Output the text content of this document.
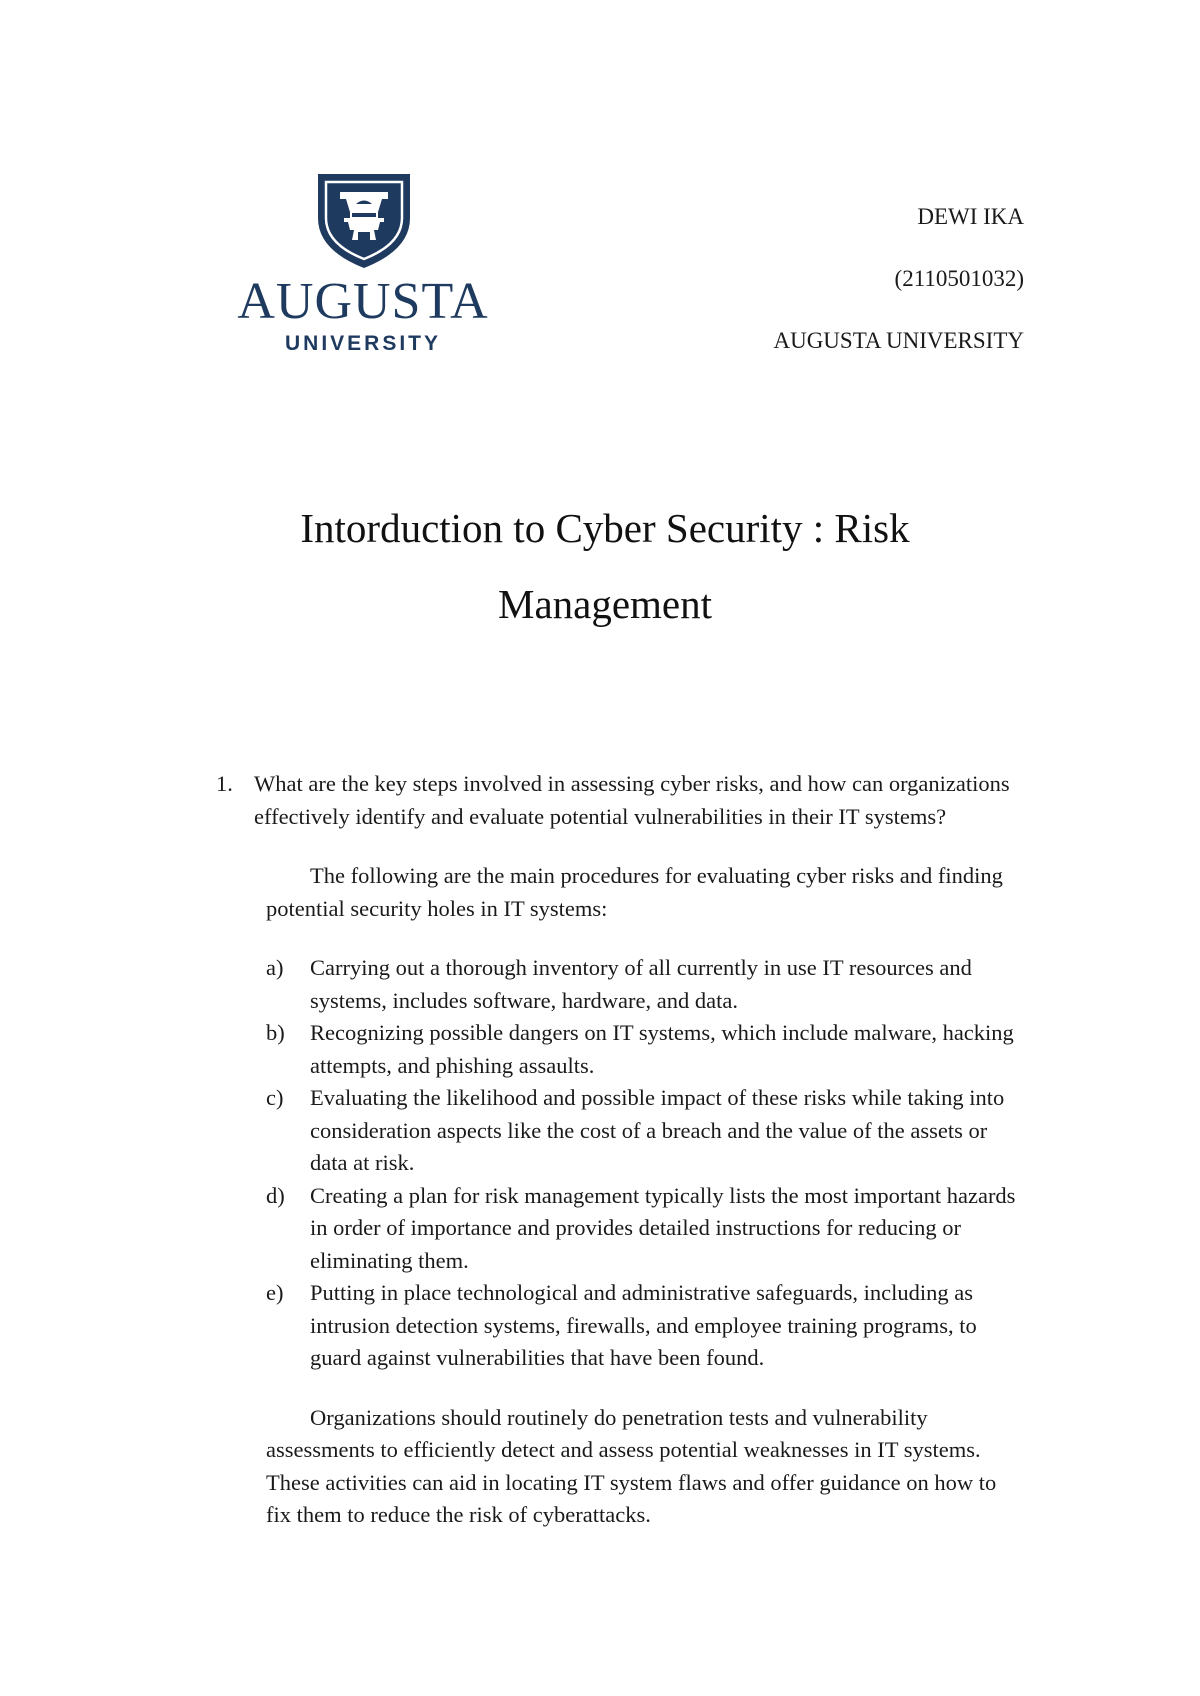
AUGUSTA
UNIVERSITY
DEWI IKA
(2110501032)
AUGUSTA UNIVERSITY
Intorduction to Cyber Security : Risk
Management
1. What are the key steps involved in assessing cyber risks, and how can organizations effectively identify and evaluate potential vulnerabilities in their IT systems?

The following are the main procedures for evaluating cyber risks and finding potential security holes in IT systems:

a)	Carrying out a thorough inventory of all currently in use IT resources and systems, includes software, hardware, and data.
b)	Recognizing possible dangers on IT systems, which include malware, hacking attempts, and phishing assaults.
c)	Evaluating the likelihood and possible impact of these risks while taking into consideration aspects like the cost of a breach and the value of the assets or data at risk.
d)	Creating a plan for risk management typically lists the most important hazards in order of importance and provides detailed instructions for reducing or eliminating them.
e)	Putting in place technological and administrative safeguards, including as intrusion detection systems, firewalls, and employee training programs, to guard against vulnerabilities that have been found.

Organizations should routinely do penetration tests and vulnerability assessments to efficiently detect and assess potential weaknesses in IT systems. These activities can aid in locating IT system flaws and offer guidance on how to fix them to reduce the risk of cyberattacks.
